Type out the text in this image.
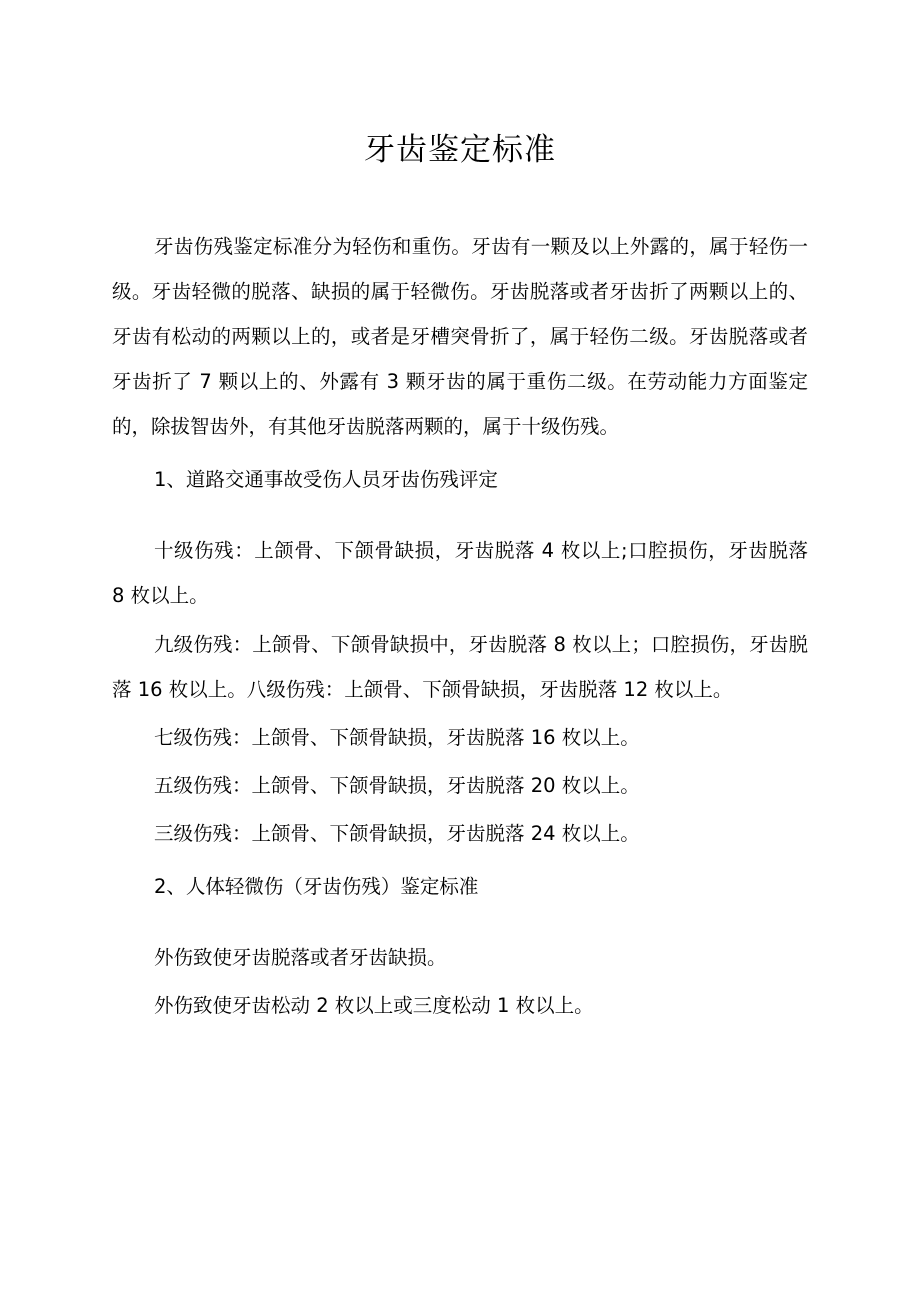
牙齿鉴定标准

牙齿伤残鉴定标准分为轻伤和重伤。牙齿有一颗及以上外露的，属于轻伤一级。牙齿轻微的脱落、缺损的属于轻微伤。牙齿脱落或者牙齿折了两颗以上的、牙齿有松动的两颗以上的，或者是牙槽突骨折了，属于轻伤二级。牙齿脱落或者牙齿折了 7 颗以上的、外露有 3 颗牙齿的属于重伤二级。在劳动能力方面鉴定的，除拔智齿外，有其他牙齿脱落两颗的，属于十级伤残。

1、道路交通事故受伤人员牙齿伤残评定

十级伤残：上颌骨、下颌骨缺损，牙齿脱落 4 枚以上;口腔损伤，牙齿脱落 8 枚以上。

九级伤残：上颌骨、下颌骨缺损中，牙齿脱落 8 枚以上；口腔损伤，牙齿脱落 16 枚以上。八级伤残：上颌骨、下颌骨缺损，牙齿脱落 12 枚以上。

七级伤残：上颌骨、下颌骨缺损，牙齿脱落 16 枚以上。

五级伤残：上颌骨、下颌骨缺损，牙齿脱落 20 枚以上。

三级伤残：上颌骨、下颌骨缺损，牙齿脱落 24 枚以上。

2、人体轻微伤（牙齿伤残）鉴定标准

外伤致使牙齿脱落或者牙齿缺损。

外伤致使牙齿松动 2 枚以上或三度松动 1 枚以上。
